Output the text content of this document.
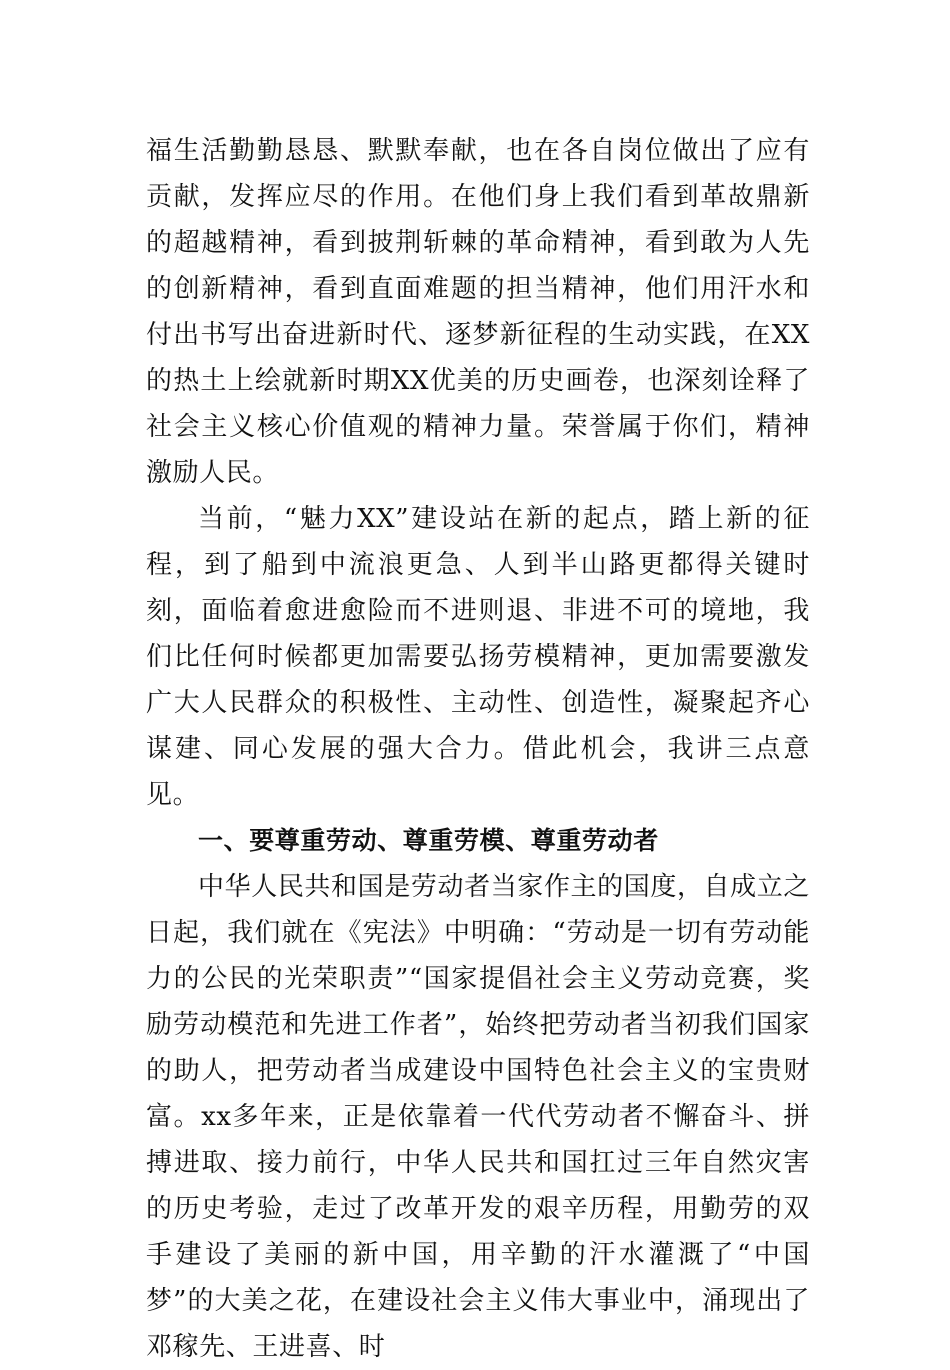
福生活勤勤恳恳、默默奉献，也在各自岗位做出了应有贡献，发挥应尽的作用。在他们身上我们看到革故鼎新的超越精神，看到披荆斩棘的革命精神，看到敢为人先的创新精神，看到直面难题的担当精神，他们用汗水和付出书写出奋进新时代、逐梦新征程的生动实践，在XX的热土上绘就新时期XX优美的历史画卷，也深刻诠释了社会主义核心价值观的精神力量。荣誉属于你们，精神激励人民。

当前，“魅力XX”建设站在新的起点，踏上新的征程，到了船到中流浪更急、人到半山路更都得关键时刻，面临着愈进愈险而不进则退、非进不可的境地，我们比任何时候都更加需要弘扬劳模精神，更加需要激发广大人民群众的积极性、主动性、创造性，凝聚起齐心谋建、同心发展的强大合力。借此机会，我讲三点意见。

一、要尊重劳动、尊重劳模、尊重劳动者

中华人民共和国是劳动者当家作主的国度，自成立之日起，我们就在《宪法》中明确：“劳动是一切有劳动能力的公民的光荣职责”“国家提倡社会主义劳动竞赛，奖励劳动模范和先进工作者”，始终把劳动者当初我们国家的助人，把劳动者当成建设中国特色社会主义的宝贵财富。xx多年来，正是依靠着一代代劳动者不懈奋斗、拼搏进取、接力前行，中华人民共和国扛过三年自然灾害的历史考验，走过了改革开发的艰辛历程，用勤劳的双手建设了美丽的新中国，用辛勤的汗水灌溉了“中国梦”的大美之花，在建设社会主义伟大事业中，涌现出了邓稼先、王进喜、时
